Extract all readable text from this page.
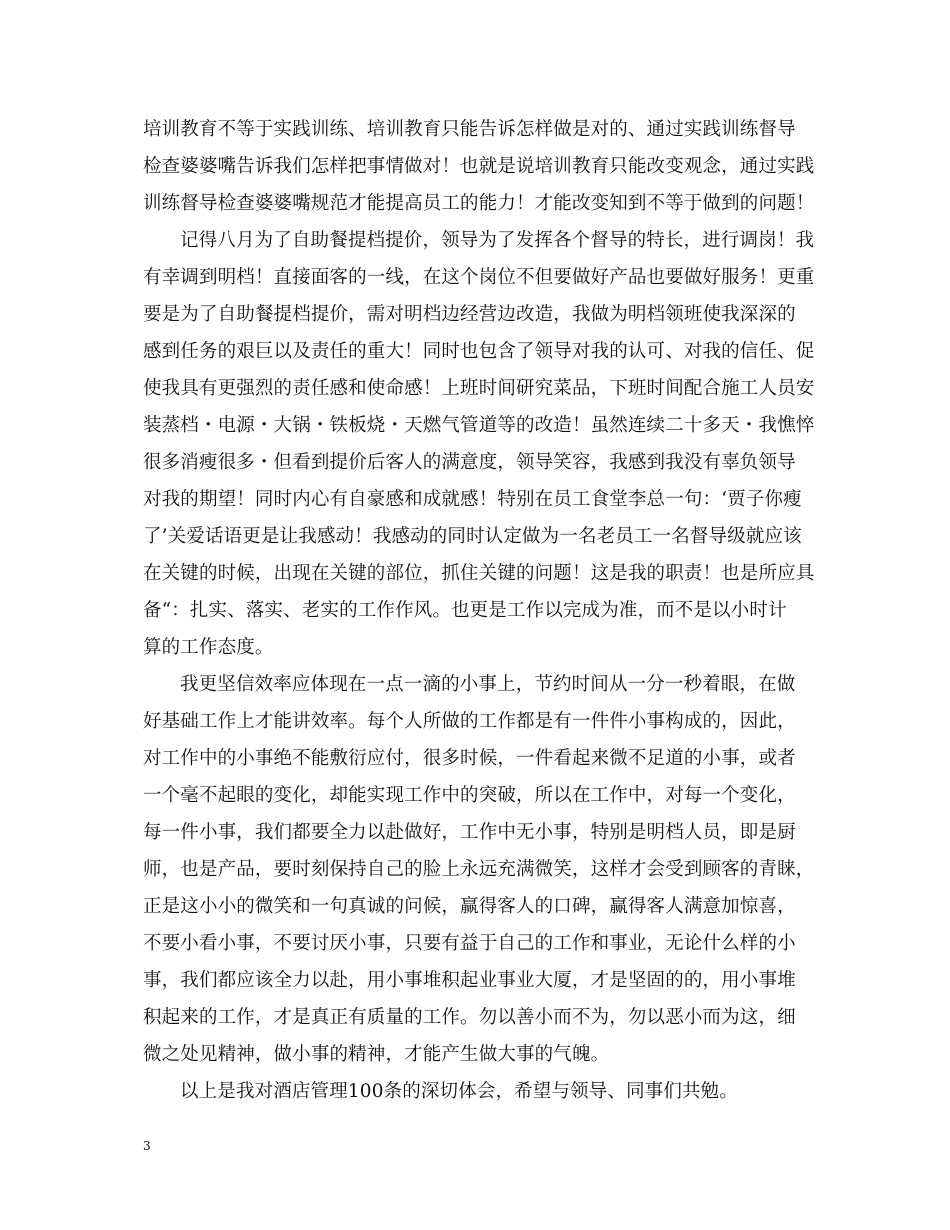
培训教育不等于实践训练、培训教育只能告诉怎样做是对的、通过实践训练督导
检查婆婆嘴告诉我们怎样把事情做对！也就是说培训教育只能改变观念，通过实践
训练督导检查婆婆嘴规范才能提高员工的能力！才能改变知到不等于做到的问题！
记得八月为了自助餐提档提价，领导为了发挥各个督导的特长，进行调岗！我
有幸调到明档！直接面客的一线，在这个岗位不但要做好产品也要做好服务！更重
要是为了自助餐提档提价，需对明档边经营边改造，我做为明档领班使我深深的
感到任务的艰巨以及责任的重大！同时也包含了领导对我的认可、对我的信任、促
使我具有更强烈的责任感和使命感！上班时间研究菜品，下班时间配合施工人员安
装蒸档・电源・大锅・铁板烧・天燃气管道等的改造！虽然连续二十多天・我憔悴
很多消瘦很多・但看到提价后客人的满意度，领导笑容，我感到我没有辜负领导
对我的期望！同时内心有自豪感和成就感！特别在员工食堂李总一句：‘贾子你瘦
了’关爱话语更是让我感动！我感动的同时认定做为一名老员工一名督导级就应该
在关键的时候，出现在关键的部位，抓住关键的问题！这是我的职责！也是所应具
备“：扎实、落实、老实的工作作风。也更是工作以完成为准，而不是以小时计
算的工作态度。
我更坚信效率应体现在一点一滴的小事上，节约时间从一分一秒着眼，在做
好基础工作上才能讲效率。每个人所做的工作都是有一件件小事构成的，因此，
对工作中的小事绝不能敷衍应付，很多时候，一件看起来微不足道的小事，或者
一个毫不起眼的变化，却能实现工作中的突破，所以在工作中，对每一个变化，
每一件小事，我们都要全力以赴做好，工作中无小事，特别是明档人员，即是厨
师，也是产品，要时刻保持自己的脸上永远充满微笑，这样才会受到顾客的青睐，
正是这小小的微笑和一句真诚的问候，赢得客人的口碑，赢得客人满意加惊喜，
不要小看小事，不要讨厌小事，只要有益于自己的工作和事业，无论什么样的小
事，我们都应该全力以赴，用小事堆积起业事业大厦，才是坚固的的，用小事堆
积起来的工作，才是真正有质量的工作。勿以善小而不为，勿以恶小而为这，细
微之处见精神，做小事的精神，才能产生做大事的气魄。
以上是我对酒店管理100条的深切体会，希望与领导、同事们共勉。
3
